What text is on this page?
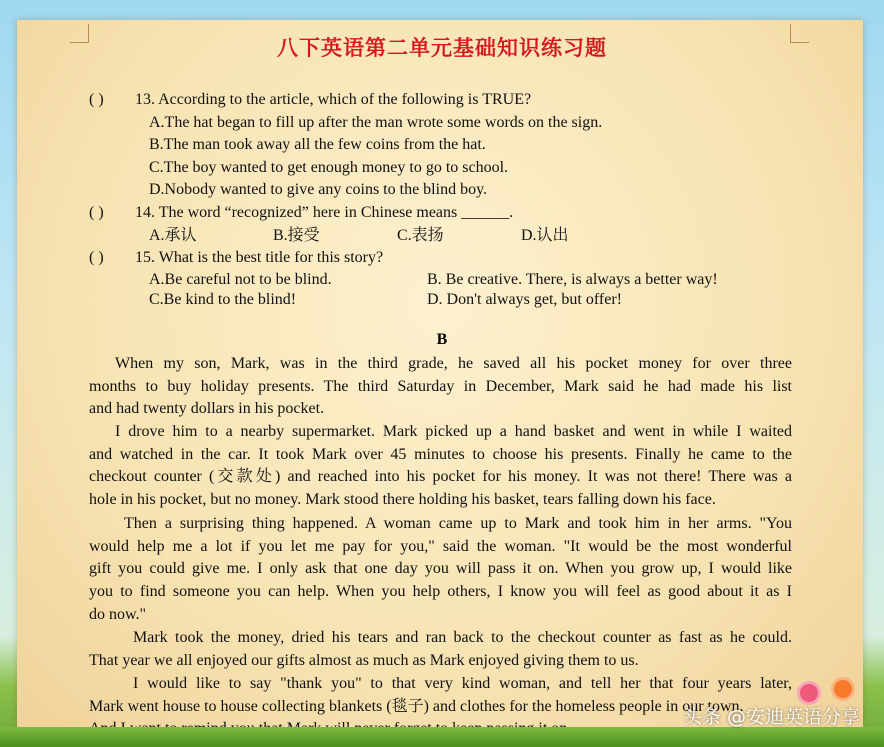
八下英语第二单元基础知识练习题
( ) 13. According to the article, which of the following is TRUE?
A.The hat began to fill up after the man wrote some words on the sign.
B.The man took away all the few coins from the hat.
C.The boy wanted to get enough money to go to school.
D.Nobody wanted to give any coins to the blind boy.
( ) 14. The word “recognized” here in Chinese means ______.
A.承认	B.接受	C.表扬	D.认出
( ) 15. What is the best title for this story?
A.Be careful not to be blind.	B. Be creative. There, is always a better way!
C.Be kind to the blind!	D. Don't always get, but offer!
B
When my son, Mark, was in the third grade, he saved all his pocket money for over three
months to buy holiday presents. The third Saturday in December, Mark said he had made his list
and had twenty dollars in his pocket.
I drove him to a nearby supermarket. Mark picked up a hand basket and went in while I waited
and watched in the car. It took Mark over 45 minutes to choose his presents. Finally he came to the
checkout counter (交款处) and reached into his pocket for his money. It was not there! There was a
hole in his pocket, but no money. Mark stood there holding his basket, tears falling down his face.
Then a surprising thing happened. A woman came up to Mark and took him in her arms. "You
would help me a lot if you let me pay for you," said the woman. "It would be the most wonderful
gift you could give me. I only ask that one day you will pass it on. When you grow up, I would like
you to find someone you can help. When you help others, I know you will feel as good about it as I
do now."
Mark took the money, dried his tears and ran back to the checkout counter as fast as he could.
That year we all enjoyed our gifts almost as much as Mark enjoyed giving them to us.
I would like to say "thank you" to that very kind woman, and tell her that four years later,
Mark went house to house collecting blankets (毯子) and clothes for the homeless people in our town.
头条 @安迪英语分享
